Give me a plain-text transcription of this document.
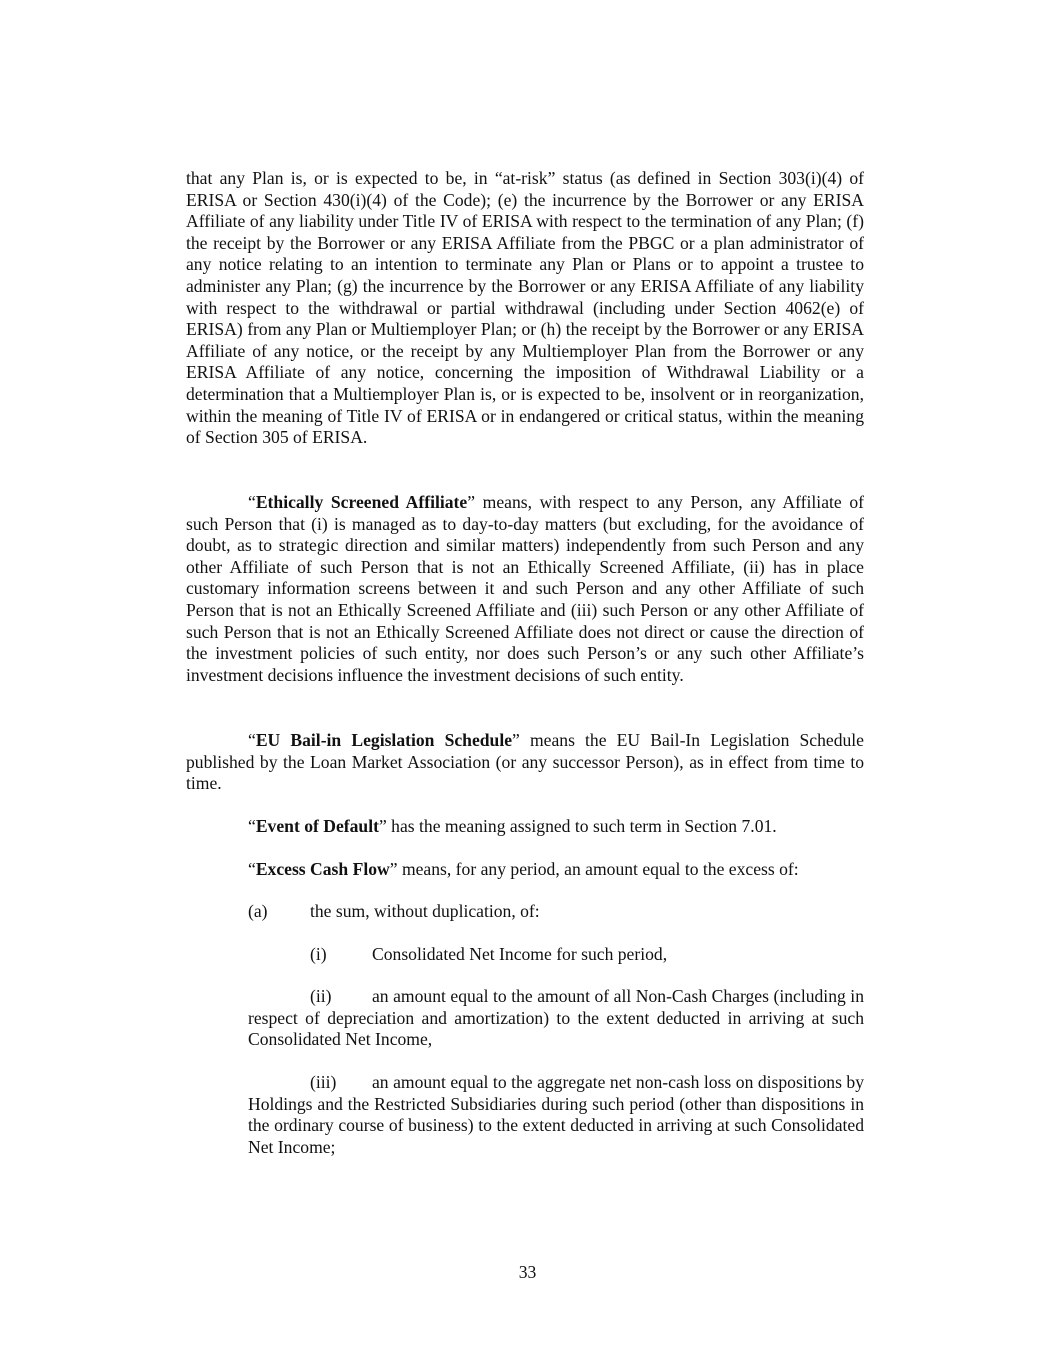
that any Plan is, or is expected to be, in “at-risk” status (as defined in Section 303(i)(4) of ERISA or Section 430(i)(4) of the Code); (e) the incurrence by the Borrower or any ERISA Affiliate of any liability under Title IV of ERISA with respect to the termination of any Plan; (f) the receipt by the Borrower or any ERISA Affiliate from the PBGC or a plan administrator of any notice relating to an intention to terminate any Plan or Plans or to appoint a trustee to administer any Plan; (g) the incurrence by the Borrower or any ERISA Affiliate of any liability with respect to the withdrawal or partial withdrawal (including under Section 4062(e) of ERISA) from any Plan or Multiemployer Plan; or (h) the receipt by the Borrower or any ERISA Affiliate of any notice, or the receipt by any Multiemployer Plan from the Borrower or any ERISA Affiliate of any notice, concerning the imposition of Withdrawal Liability or a determination that a Multiemployer Plan is, or is expected to be, insolvent or in reorganization, within the meaning of Title IV of ERISA or in endangered or critical status, within the meaning of Section 305 of ERISA.

“Ethically Screened Affiliate” means, with respect to any Person, any Affiliate of such Person that (i) is managed as to day-to-day matters (but excluding, for the avoidance of doubt, as to strategic direction and similar matters) independently from such Person and any other Affiliate of such Person that is not an Ethically Screened Affiliate, (ii) has in place customary information screens between it and such Person and any other Affiliate of such Person that is not an Ethically Screened Affiliate and (iii) such Person or any other Affiliate of such Person that is not an Ethically Screened Affiliate does not direct or cause the direction of the investment policies of such entity, nor does such Person’s or any such other Affiliate’s investment decisions influence the investment decisions of such entity.

“EU Bail-in Legislation Schedule” means the EU Bail-In Legislation Schedule published by the Loan Market Association (or any successor Person), as in effect from time to time.

“Event of Default” has the meaning assigned to such term in Section 7.01.

“Excess Cash Flow” means, for any period, an amount equal to the excess of:

(a) the sum, without duplication, of:
(i)	Consolidated Net Income for such period,

(ii) an amount equal to the amount of all Non-Cash Charges (including in respect of depreciation and amortization) to the extent deducted in arriving at such Consolidated Net Income,

(iii) an amount equal to the aggregate net non-cash loss on dispositions by Holdings and the Restricted Subsidiaries during such period (other than dispositions in the ordinary course of business) to the extent deducted in arriving at such Consolidated Net Income;

33
